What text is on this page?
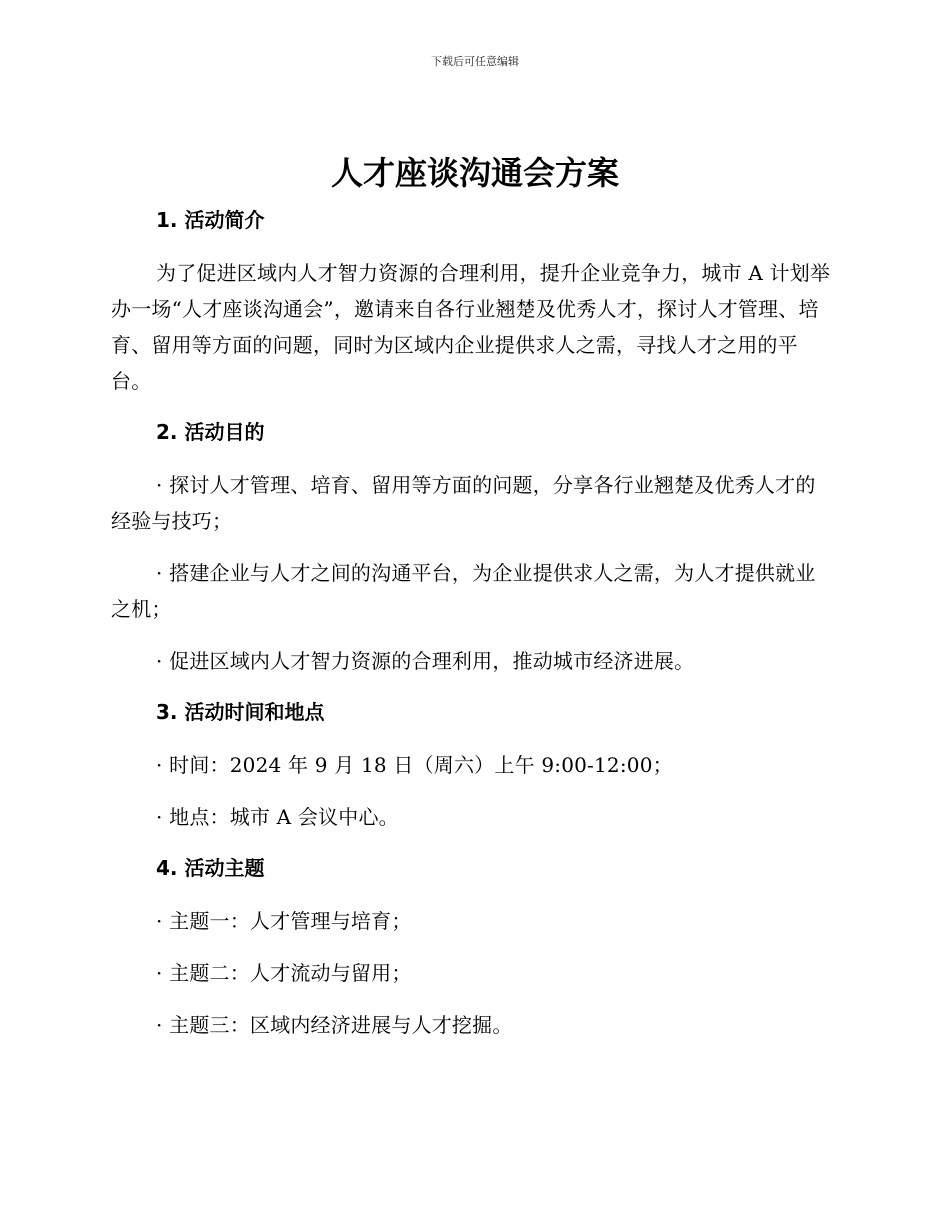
下载后可任意编辑
人才座谈沟通会方案
1. 活动简介

为了促进区域内人才智力资源的合理利用，提升企业竞争力，城市 A 计划举办一场“人才座谈沟通会”，邀请来自各行业翘楚及优秀人才，探讨人才管理、培育、留用等方面的问题，同时为区域内企业提供求人之需，寻找人才之用的平台。

2. 活动目的

· 探讨人才管理、培育、留用等方面的问题，分享各行业翘楚及优秀人才的经验与技巧；

· 搭建企业与人才之间的沟通平台，为企业提供求人之需，为人才提供就业之机；

· 促进区域内人才智力资源的合理利用，推动城市经济进展。

3. 活动时间和地点

· 时间：2024 年 9 月 18 日（周六）上午 9:00-12:00；

· 地点：城市 A 会议中心。

4. 活动主题

· 主题一：人才管理与培育；

· 主题二：人才流动与留用；

· 主题三：区域内经济进展与人才挖掘。
